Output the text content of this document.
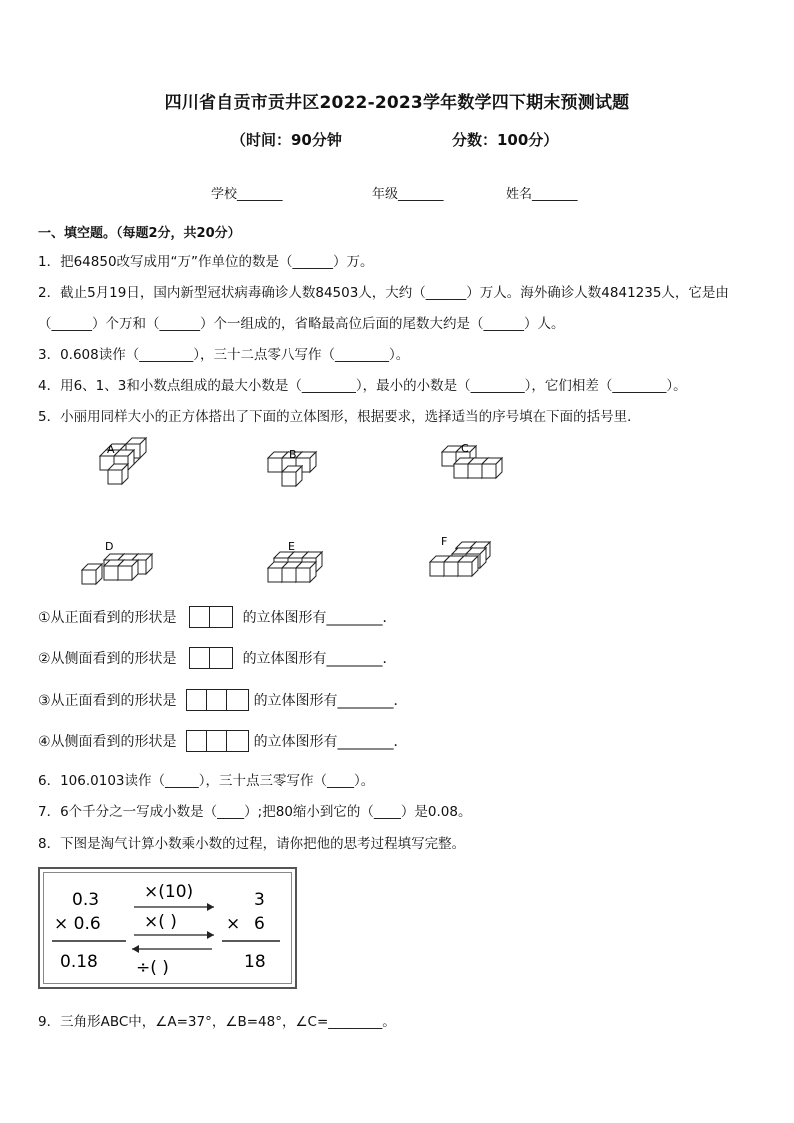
四川省自贡市贡井区2022-2023学年数学四下期末预测试题
（时间：90分钟	分数：100分）
学校_______	年级_______	姓名_______
一、填空题。（每题2分，共20分）
1．把64850改写成用“万”作单位的数是（______）万。
2．截止5月19日，国内新型冠状病毒确诊人数84503人，大约（______）万人。海外确诊人数4841235人，它是由
（______）个万和（______）个一组成的，省略最高位后面的尾数大约是（______）人。
3．0.608读作（________），三十二点零八写作（________）。
4．用6、1、3和小数点组成的最大小数是（________），最小的小数是（________），它们相差（________）。
5．小丽用同样大小的正方体搭出了下面的立体图形，根据要求，选择适当的序号填在下面的括号里．
A	B	C
D	E	F
①从正面看到的形状是	的立体图形有________．
②从侧面看到的形状是	的立体图形有________．
③从正面看到的形状是	的立体图形有________．
④从侧面看到的形状是	的立体图形有________．
6．106.0103读作（_____），三十点三零写作（____）。
7．6个千分之一写成小数是（____）;把80缩小到它的（____）是0.08。
8．下图是淘气计算小数乘小数的过程，请你把他的思考过程填写完整。
0.3
× 0.6
0.18
×(10)
×( )
÷( )
3
× 6
18
9．三角形ABC中，∠A=37°，∠B=48°，∠C=________。
